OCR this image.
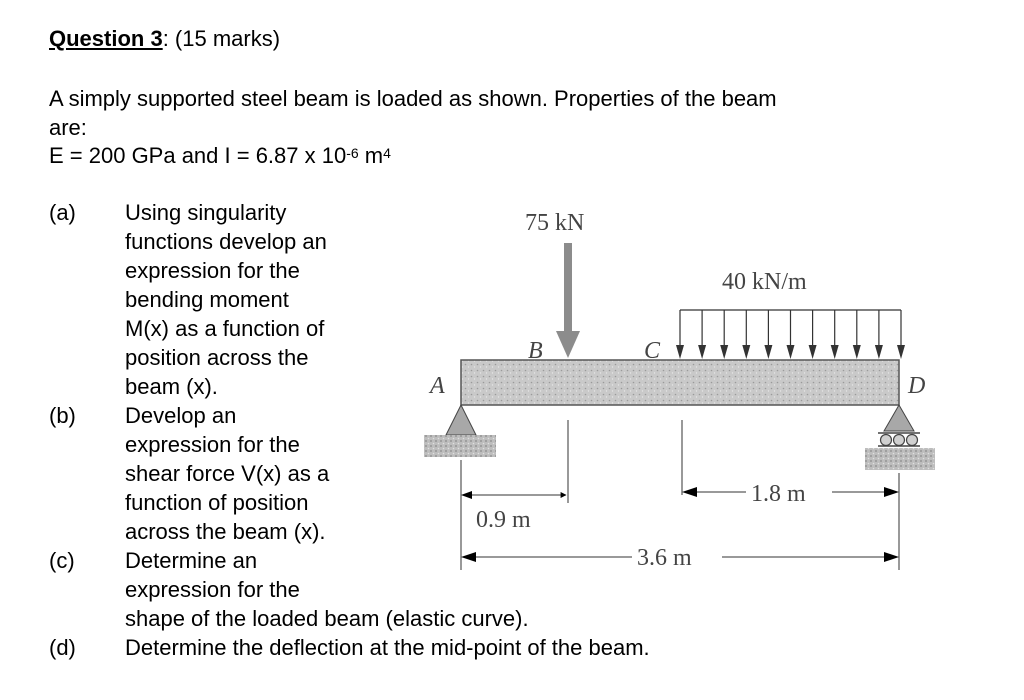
Question 3: (15 marks)
A simply supported steel beam is loaded as shown. Properties of the beam
are:
E = 200 GPa and I = 6.87 x $10^{-6}$ $m^4$
(a) Using singularity
functions develop an
expression for the
bending moment
M(x) as a function of
position across the
beam (x).
(b) Develop an
expression for the
shear force V(x) as a
function of position
across the beam (x).
(c) Determine an
expression for the
shape of the loaded beam (elastic curve).
(d) Determine the deflection at the mid-point of the beam.
75 kN
40 kN/m
A
B	C
D
0.9 m
1.8 m
3.6 m
